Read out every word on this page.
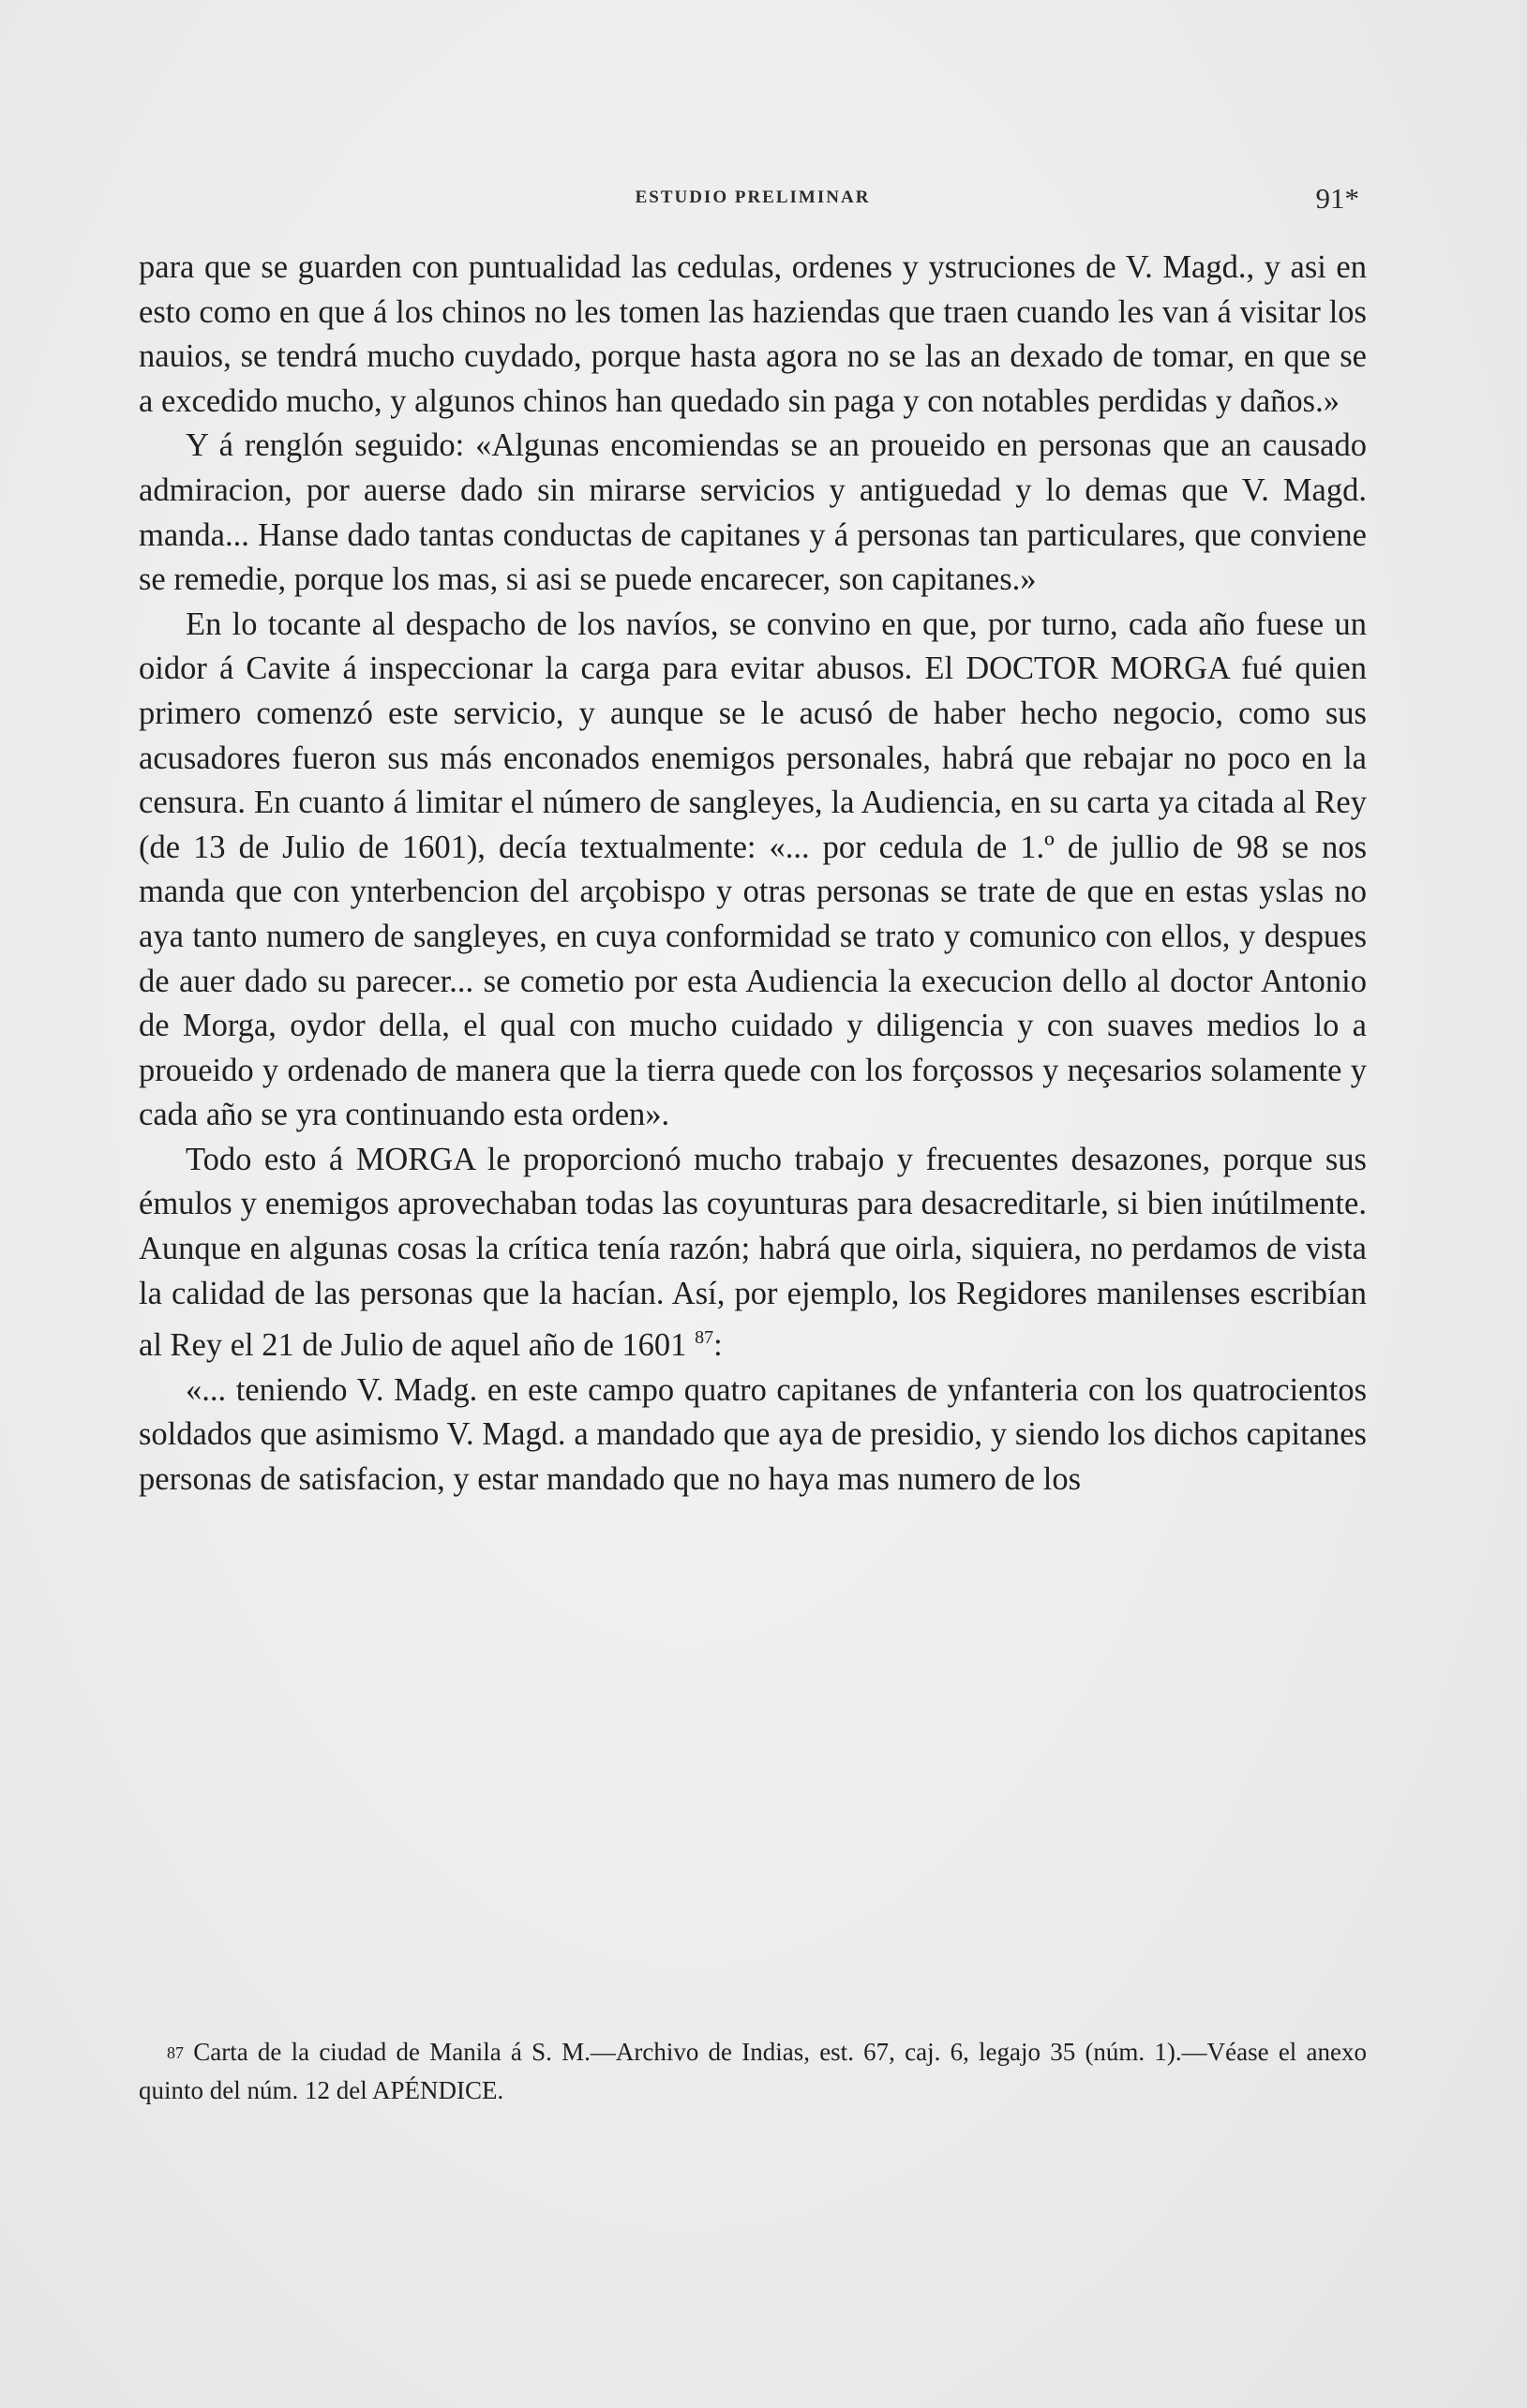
ESTUDIO PRELIMINAR	91*

para que se guarden con puntualidad las cedulas, ordenes y ystruciones de V. Magd., y asi en esto como en que á los chinos no les tomen las haziendas que traen cuando les van á visitar los nauios, se tendrá mucho cuydado, porque hasta agora no se las an dexado de tomar, en que se a excedido mucho, y algunos chinos han quedado sin paga y con notables perdidas y daños.»

Y á renglón seguido: «Algunas encomiendas se an proueido en personas que an causado admiracion, por auerse dado sin mirarse servicios y antiguedad y lo demas que V. Magd. manda... Hanse dado tantas conductas de capitanes y á personas tan particulares, que conviene se remedie, porque los mas, si asi se puede encarecer, son capitanes.»

En lo tocante al despacho de los navíos, se convino en que, por turno, cada año fuese un oidor á Cavite á inspeccionar la carga para evitar abusos. El DOCTOR MORGA fué quien primero comenzó este servicio, y aunque se le acusó de haber hecho negocio, como sus acusadores fueron sus más enconados enemigos personales, habrá que rebajar no poco en la censura. En cuanto á limitar el número de sangleyes, la Audiencia, en su carta ya citada al Rey (de 13 de Julio de 1601), decía textualmente: «... por cedula de 1.º de jullio de 98 se nos manda que con ynterbencion del arçobispo y otras personas se trate de que en estas yslas no aya tanto numero de sangleyes, en cuya conformidad se trato y comunico con ellos, y despues de auer dado su parecer... se cometio por esta Audiencia la execucion dello al doctor Antonio de Morga, oydor della, el qual con mucho cuidado y diligencia y con suaves medios lo a proueido y ordenado de manera que la tierra quede con los forçossos y neçesarios solamente y cada año se yra continuando esta orden».

Todo esto á MORGA le proporcionó mucho trabajo y frecuentes desazones, porque sus émulos y enemigos aprovechaban todas las coyunturas para desacreditarle, si bien inútilmente. Aunque en algunas cosas la crítica tenía razón; habrá que oirla, siquiera, no perdamos de vista la calidad de las personas que la hacían. Así, por ejemplo, los Regidores manilenses escribían al Rey el 21 de Julio de aquel año de 1601 $^{87}$:

«... teniendo V. Madg. en este campo quatro capitanes de ynfanteria con los quatrocientos soldados que asimismo V. Magd. a mandado que aya de presidio, y siendo los dichos capitanes personas de satisfacion, y estar mandado que no haya mas numero de los

87 Carta de la ciudad de Manila á S. M.—Archivo de Indias, est. 67, caj. 6, legajo 35 (núm. 1).—Véase el anexo quinto del núm. 12 del APÉNDICE.
